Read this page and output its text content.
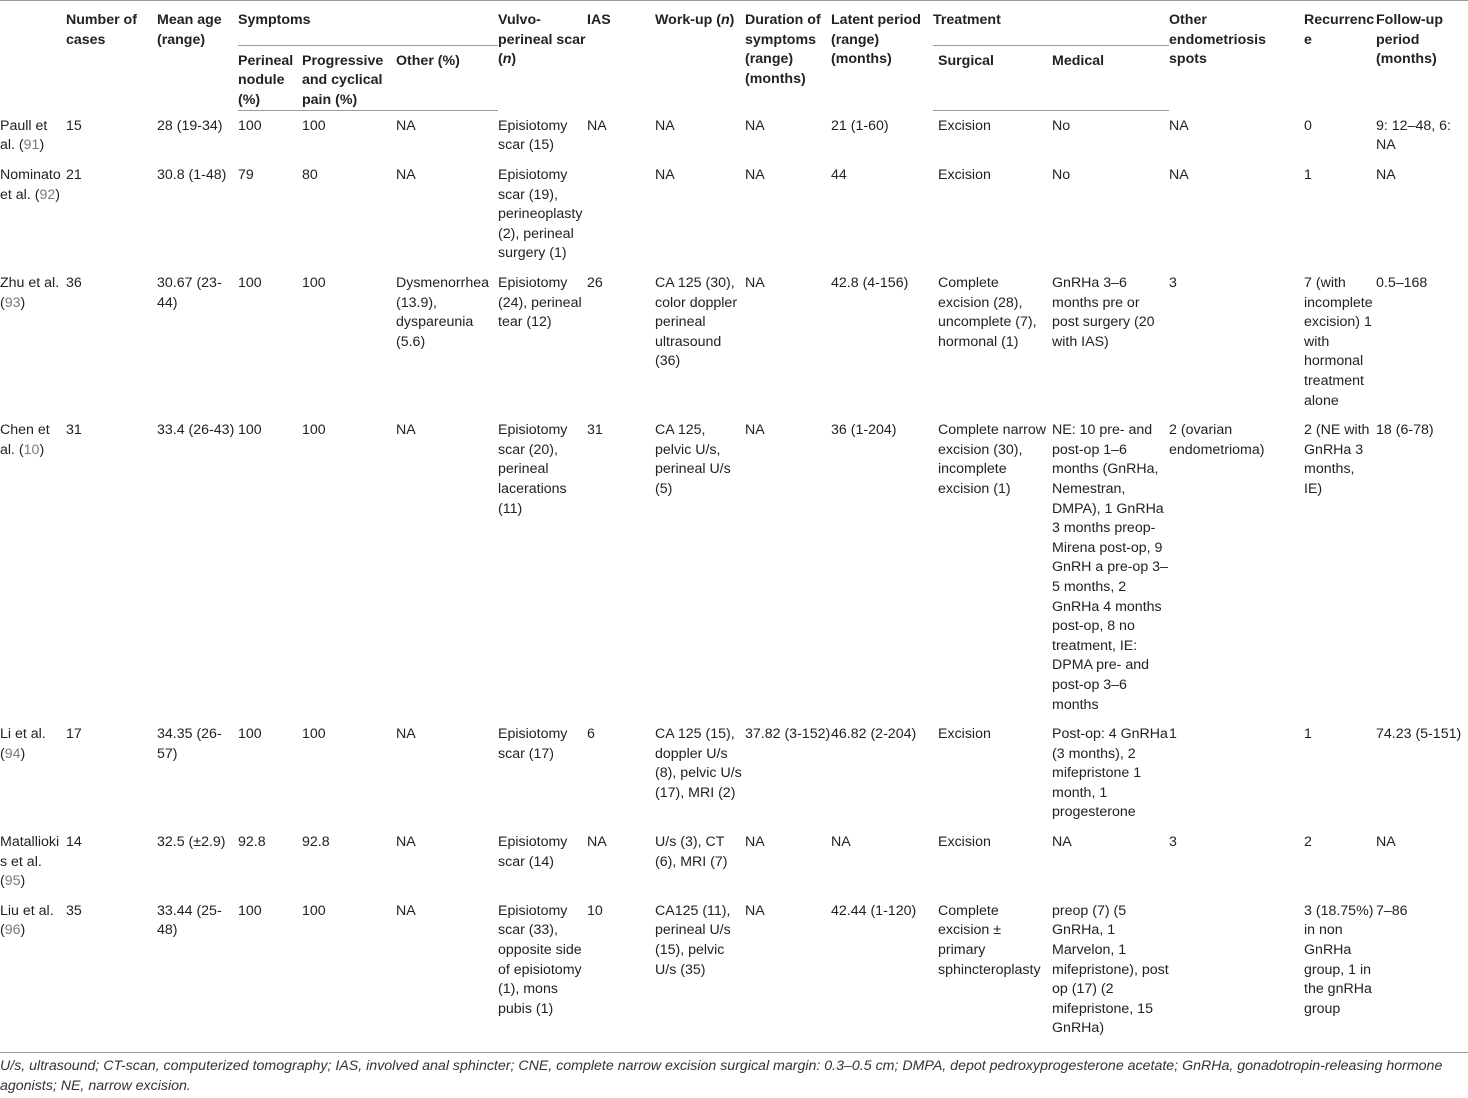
	Number of cases	Mean age (range)	Symptoms			Vulvo-perineal scar (n)	IAS	Work-up (n)	Duration of symptoms (range) (months)	Latent period (range) (months)	Treatment		Other endometriosis spots	Recurrence	Follow-up period (months)
			Perineal nodule (%)	Progressive and cyclical pain (%)	Other (%)						Surgical	Medical			
Paull et al. (91)	15	28 (19-34)	100	100	NA	Episiotomy scar (15)	NA	NA	NA	21 (1-60)	Excision	No	NA	0	9: 12–48, 6: NA
Nominato et al. (92)	21	30.8 (1-48)	79	80	NA	Episiotomy scar (19), perineoplasty (2), perineal surgery (1)		NA	NA	44	Excision	No	NA	1	NA
Zhu et al. (93)	36	30.67 (23-44)	100	100	Dysmenorrhea (13.9), dyspareunia (5.6)	Episiotomy (24), perineal tear (12)	26	CA 125 (30), color doppler perineal ultrasound (36)	NA	42.8 (4-156)	Complete excision (28), uncomplete (7), hormonal (1)	GnRHa 3–6 months pre or post surgery (20 with IAS)	3	7 (with incomplete excision) 1 with hormonal treatment alone	0.5–168
Chen et al. (10)	31	33.4 (26-43)	100	100	NA	Episiotomy scar (20), perineal lacerations (11)	31	CA 125, pelvic U/s, perineal U/s (5)	NA	36 (1-204)	Complete narrow excision (30), incomplete excision (1)	NE: 10 pre- and post-op 1–6 months (GnRHa, Nemestran, DMPA), 1 GnRHa 3 months preop-Mirena post-op, 9 GnRH a pre-op 3–5 months, 2 GnRHa 4 months post-op, 8 no treatment, IE: DPMA pre- and post-op 3–6 months	2 (ovarian endometrioma)	2 (NE with GnRHa 3 months, IE)	18 (6-78)
Li et al. (94)	17	34.35 (26-57)	100	100	NA	Episiotomy scar (17)	6	CA 125 (15), doppler U/s (8), pelvic U/s (17), MRI (2)	37.82 (3-152)	46.82 (2-204)	Excision	Post-op: 4 GnRHa (3 months), 2 mifepristone 1 month, 1 progesterone	1	1	74.23 (5-151)
Matalliokis et al. (95)	14	32.5 (±2.9)	92.8	92.8	NA	Episiotomy scar (14)	NA	U/s (3), CT (6), MRI (7)	NA	NA	Excision	NA	3	2	NA
Liu et al. (96)	35	33.44 (25-48)	100	100	NA	Episiotomy scar (33), opposite side of episiotomy (1), mons pubis (1)	10	CA125 (11), perineal U/s (15), pelvic U/s (35)	NA	42.44 (1-120)	Complete excision ± primary sphincteroplasty	preop (7) (5 GnRHa, 1 Marvelon, 1 mifepristone), post op (17) (2 mifepristone, 15 GnRHa)		3 (18.75%) in non GnRHa group, 1 in the gnRHa group	7–86
U/s, ultrasound; CT-scan, computerized tomography; IAS, involved anal sphincter; CNE, complete narrow excision surgical margin: 0.3–0.5 cm; DMPA, depot pedroxyprogesterone acetate; GnRHa, gonadotropin-releasing hormone agonists; NE, narrow excision.
